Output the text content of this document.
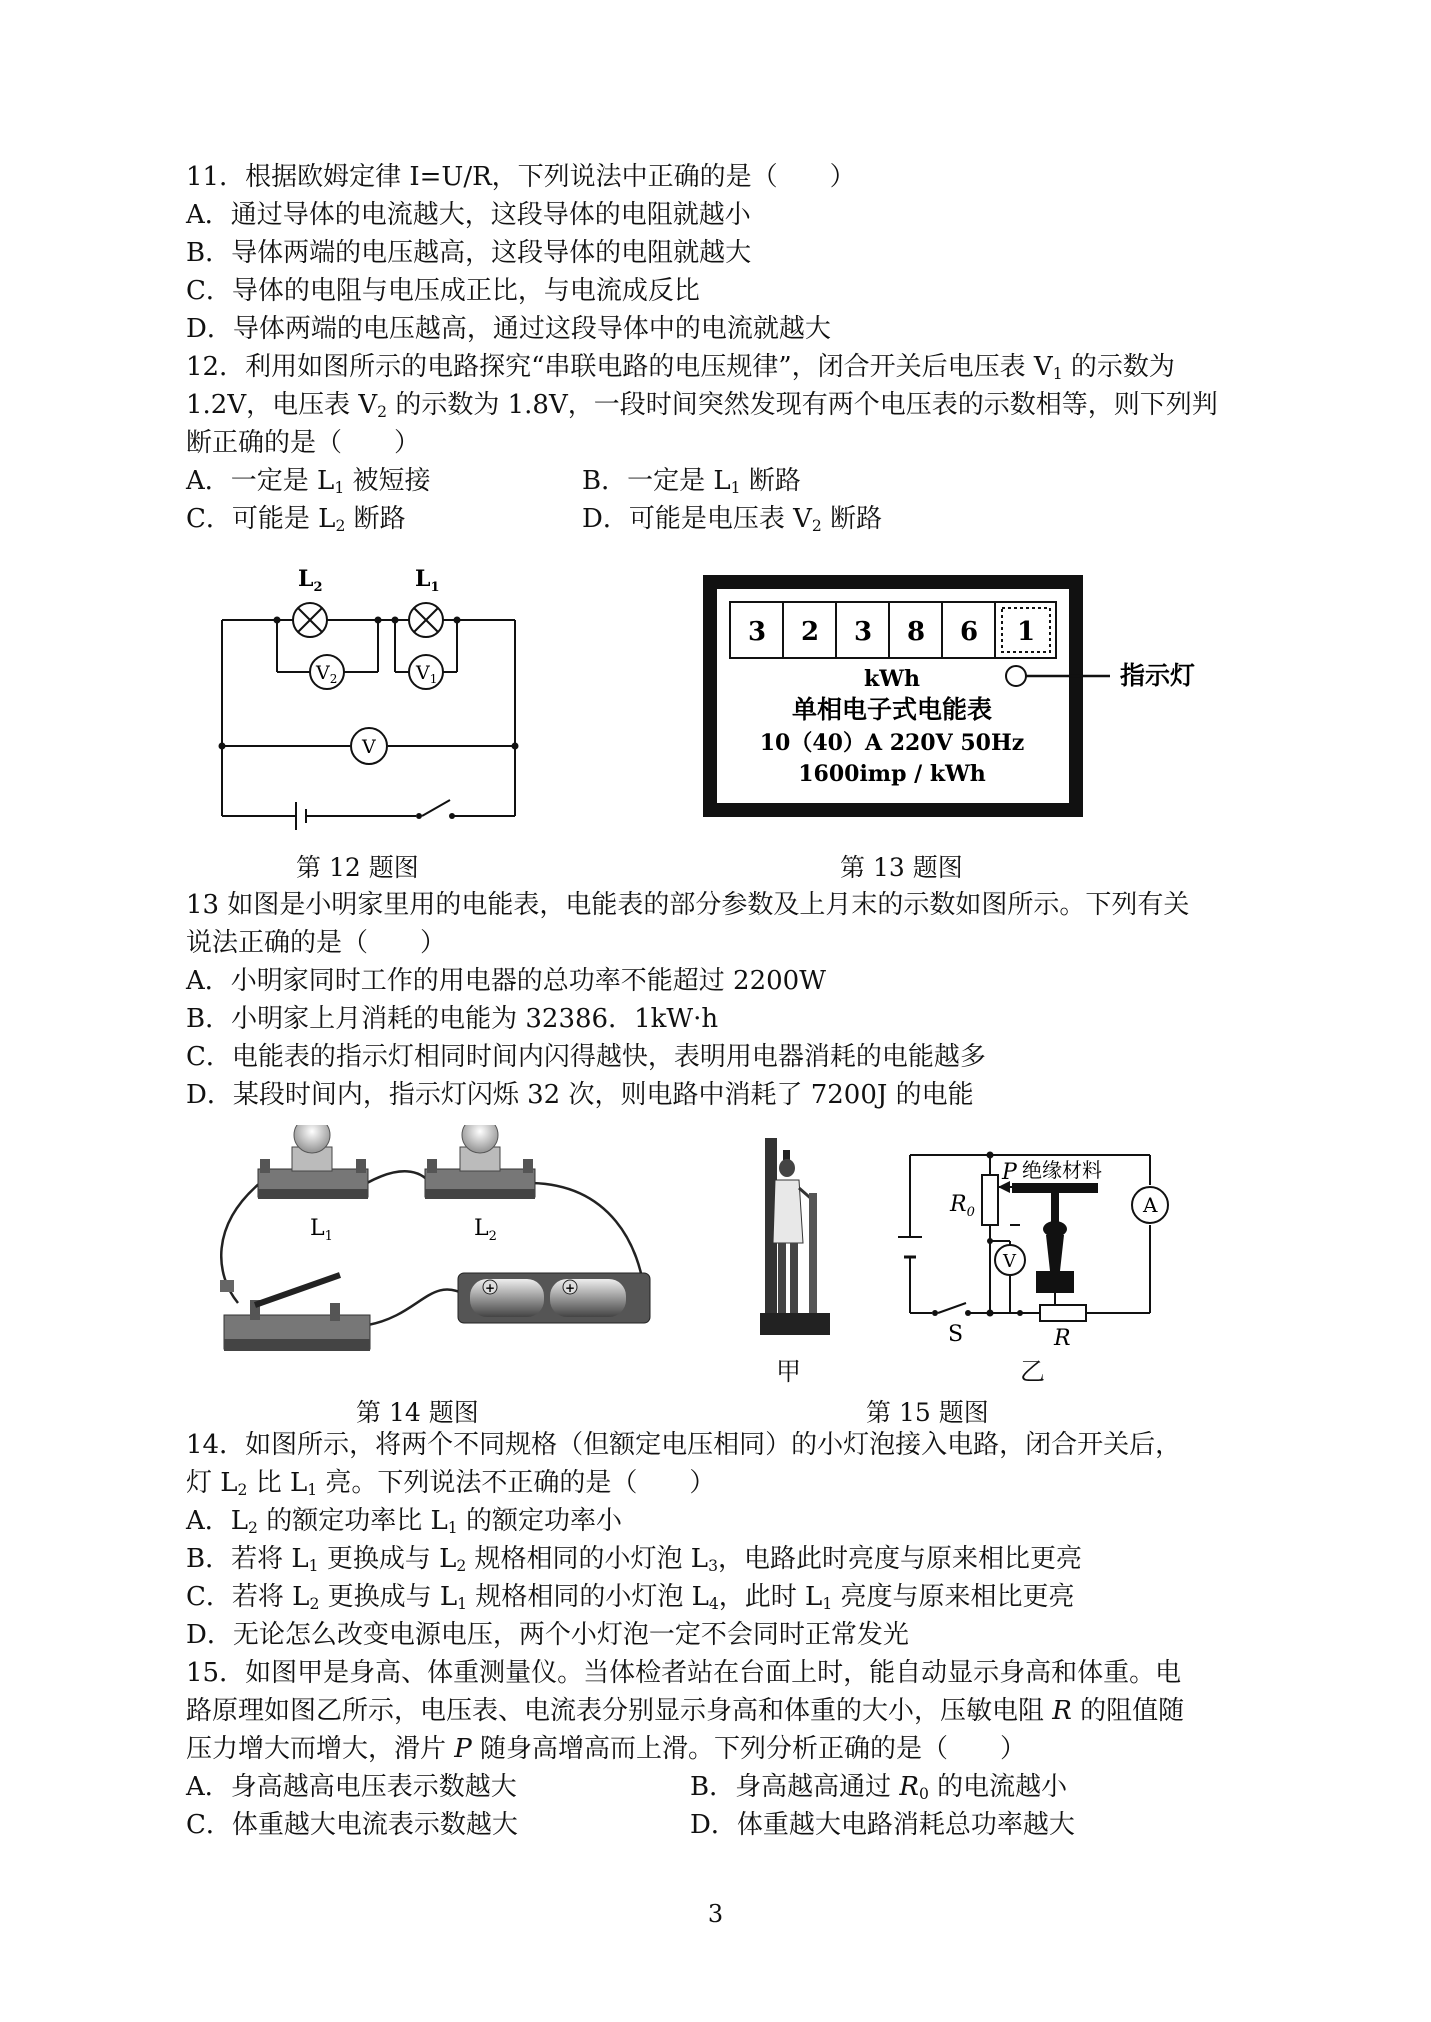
11．根据欧姆定律 I=U/R，下列说法中正确的是（　　）
A．通过导体的电流越大，这段导体的电阻就越小
B．导体两端的电压越高，这段导体的电阻就越大
C．导体的电阻与电压成正比，与电流成反比
D．导体两端的电压越高，通过这段导体中的电流就越大
12．利用如图所示的电路探究“串联电路的电压规律”，闭合开关后电压表 $V_1$ 的示数为
1.2V，电压表 $V_2$ 的示数为 1.8V，一段时间突然发现有两个电压表的示数相等，则下列判
断正确的是（　　）
A．一定是 $L_1$ 被短接	B．一定是 $L_1$ 断路
C．可能是 $L_2$ 断路	D．可能是电压表 $V_2$ 断路
$L_2$	$L_1$
$V_2$	$V_1$
V
第 12 题图
3 2 3 8 6 1
kWh	指示灯
单相电子式电能表
10（40）A 220V 50Hz
1600imp / kWh
第 13 题图
13 如图是小明家里用的电能表，电能表的部分参数及上月末的示数如图所示。下列有关
说法正确的是（　　）
A．小明家同时工作的用电器的总功率不能超过 2200W
B．小明家上月消耗的电能为 32386．1kW·h
C．电能表的指示灯相同时间内闪得越快，表明用电器消耗的电能越多
D．某段时间内，指示灯闪烁 32 次，则电路中消耗了 7200J 的电能
+	+
$L_1$	$L_2$
第 14 题图
甲
$R_0$
P 绝缘材料
A
V
S	R
乙
第 15 题图
14．如图所示，将两个不同规格（但额定电压相同）的小灯泡接入电路，闭合开关后，
灯 $L_2$ 比 $L_1$ 亮。下列说法不正确的是（　　）
A．$L_2$ 的额定功率比 $L_1$ 的额定功率小
B．若将 $L_1$ 更换成与 $L_2$ 规格相同的小灯泡 $L_3$，电路此时亮度与原来相比更亮
C．若将 $L_2$ 更换成与 $L_1$ 规格相同的小灯泡 $L_4$，此时 $L_1$ 亮度与原来相比更亮
D．无论怎么改变电源电压，两个小灯泡一定不会同时正常发光
15．如图甲是身高、体重测量仪。当体检者站在台面上时，能自动显示身高和体重。电
路原理如图乙所示，电压表、电流表分别显示身高和体重的大小，压敏电阻 R 的阻值随
压力增大而增大，滑片 P 随身高增高而上滑。下列分析正确的是（　　）
A．身高越高电压表示数越大	B．身高越高通过 $R_0$ 的电流越小
C．体重越大电流表示数越大	D．体重越大电路消耗总功率越大
3
